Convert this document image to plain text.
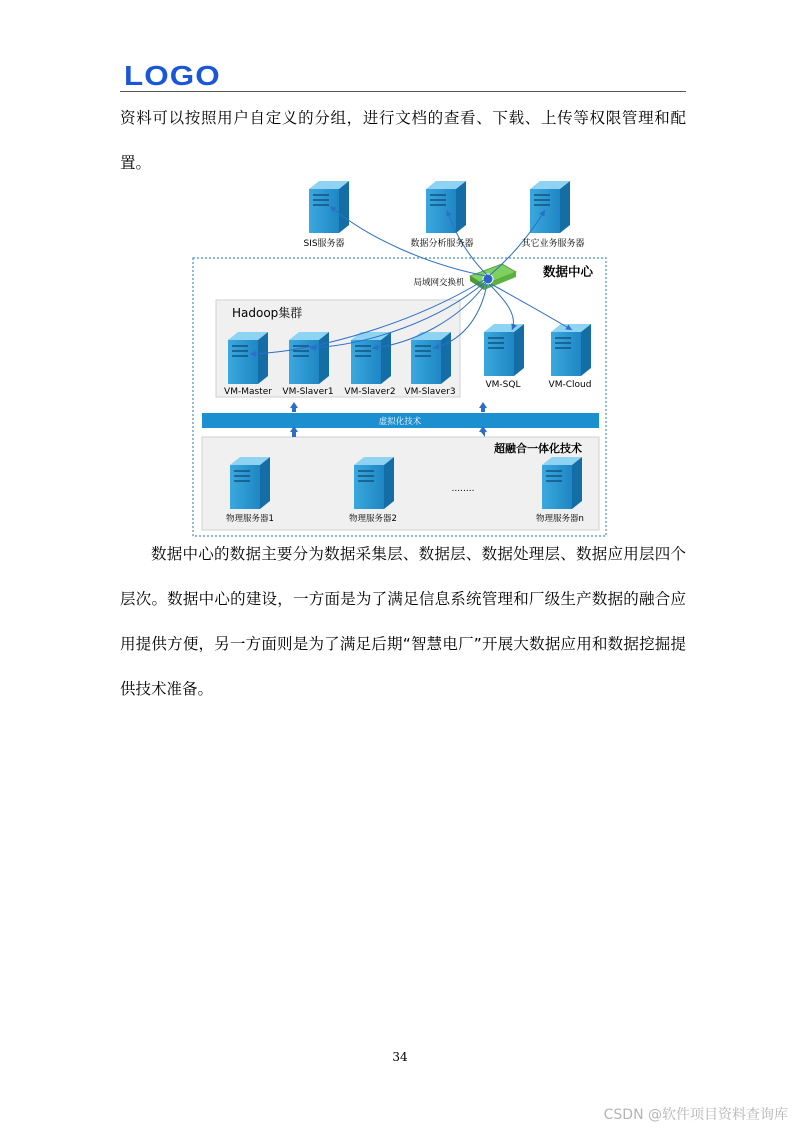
LOGO

资料可以按照用户自定义的分组，进行文档的查看、下载、上传等权限管理和配置。

SIS服务器	数据分析服务器	其它业务服务器
局域网交换机
数据中心
Hadoop集群
VM-Master VM-Slaver1 VM-Slaver2 VM-Slaver3
VM-SQL	VM-Cloud
虚拟化技术
超融合一体化技术
物理服务器1	物理服务器2	物理服务器n
........

数据中心的数据主要分为数据采集层、数据层、数据处理层、数据应用层四个层次。数据中心的建设，一方面是为了满足信息系统管理和厂级生产数据的融合应用提供方便，另一方面则是为了满足后期“智慧电厂”开展大数据应用和数据挖掘提供技术准备。

34
CSDN @软件项目资料查询库
